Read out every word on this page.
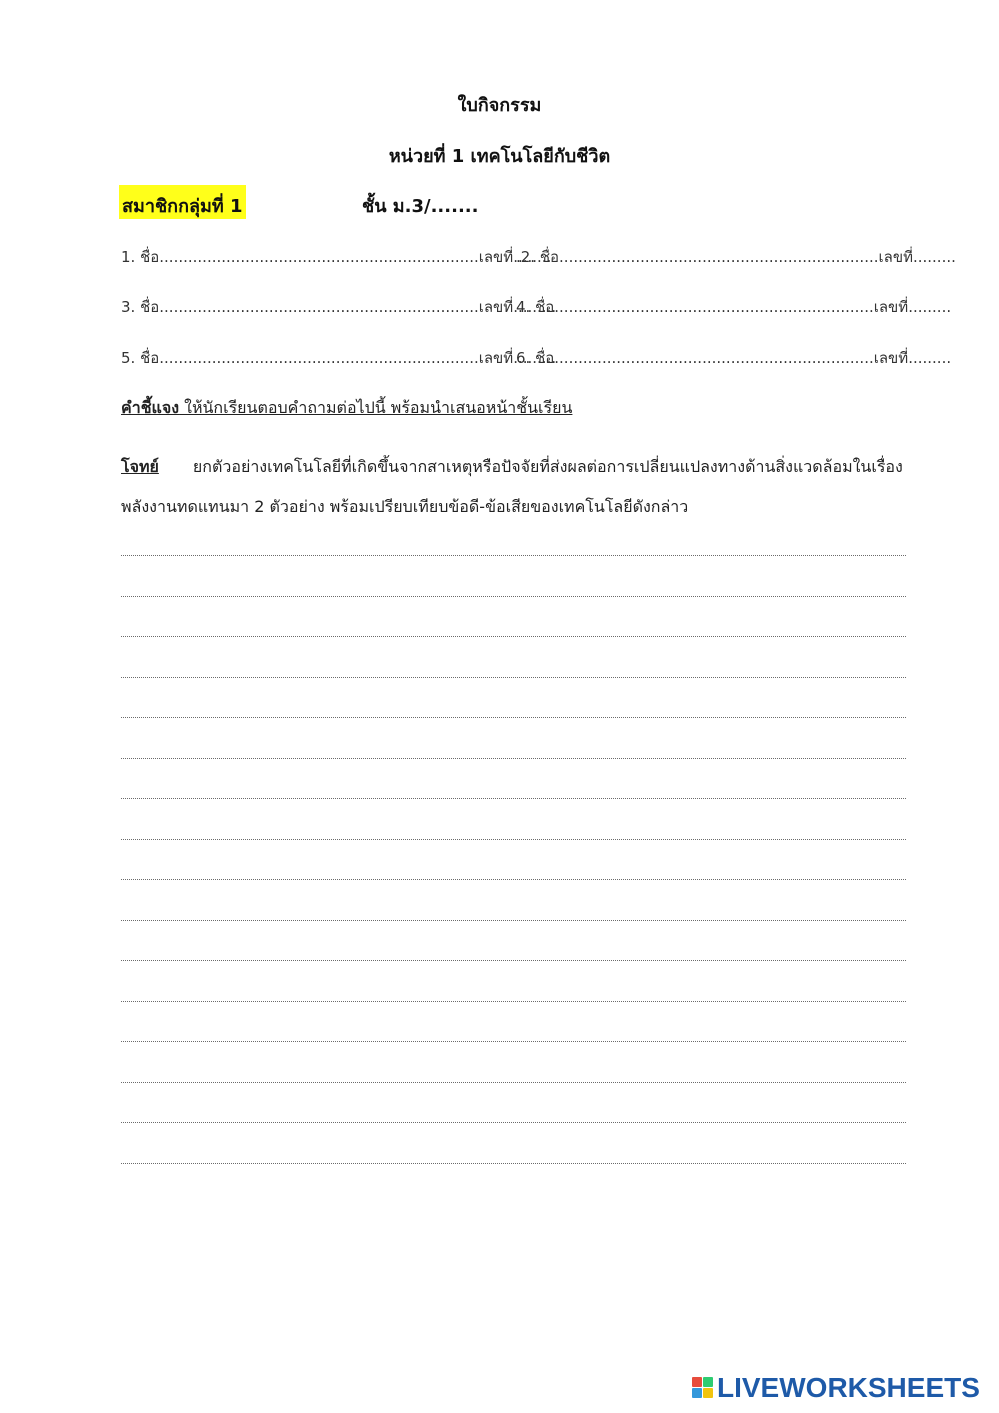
ใบกิจกรรม
หน่วยที่ 1 เทคโนโลยีกับชีวิต
สมาชิกกลุ่มที่ 1	ชั้น ม.3/.......
1. ชื่อ...................................................................เลขที่........
.2. ชื่อ...................................................................เลขที่.........
3. ชื่อ...................................................................เลขที่.........
4. ชื่อ...................................................................เลขที่.........
5. ชื่อ...................................................................เลขที่.........
6. ชื่อ...................................................................เลขที่.........
คำชี้แจง ให้นักเรียนตอบคำถามต่อไปนี้ พร้อมนำเสนอหน้าชั้นเรียน
โจทย์ ยกตัวอย่างเทคโนโลยีที่เกิดขึ้นจากสาเหตุหรือปัจจัยที่ส่งผลต่อการเปลี่ยนแปลงทางด้านสิ่งแวดล้อมในเรื่องพลังงานทดแทนมา 2 ตัวอย่าง พร้อมเปรียบเทียบข้อดี-ข้อเสียของเทคโนโลยีดังกล่าว
LIVEWORKSHEETS
